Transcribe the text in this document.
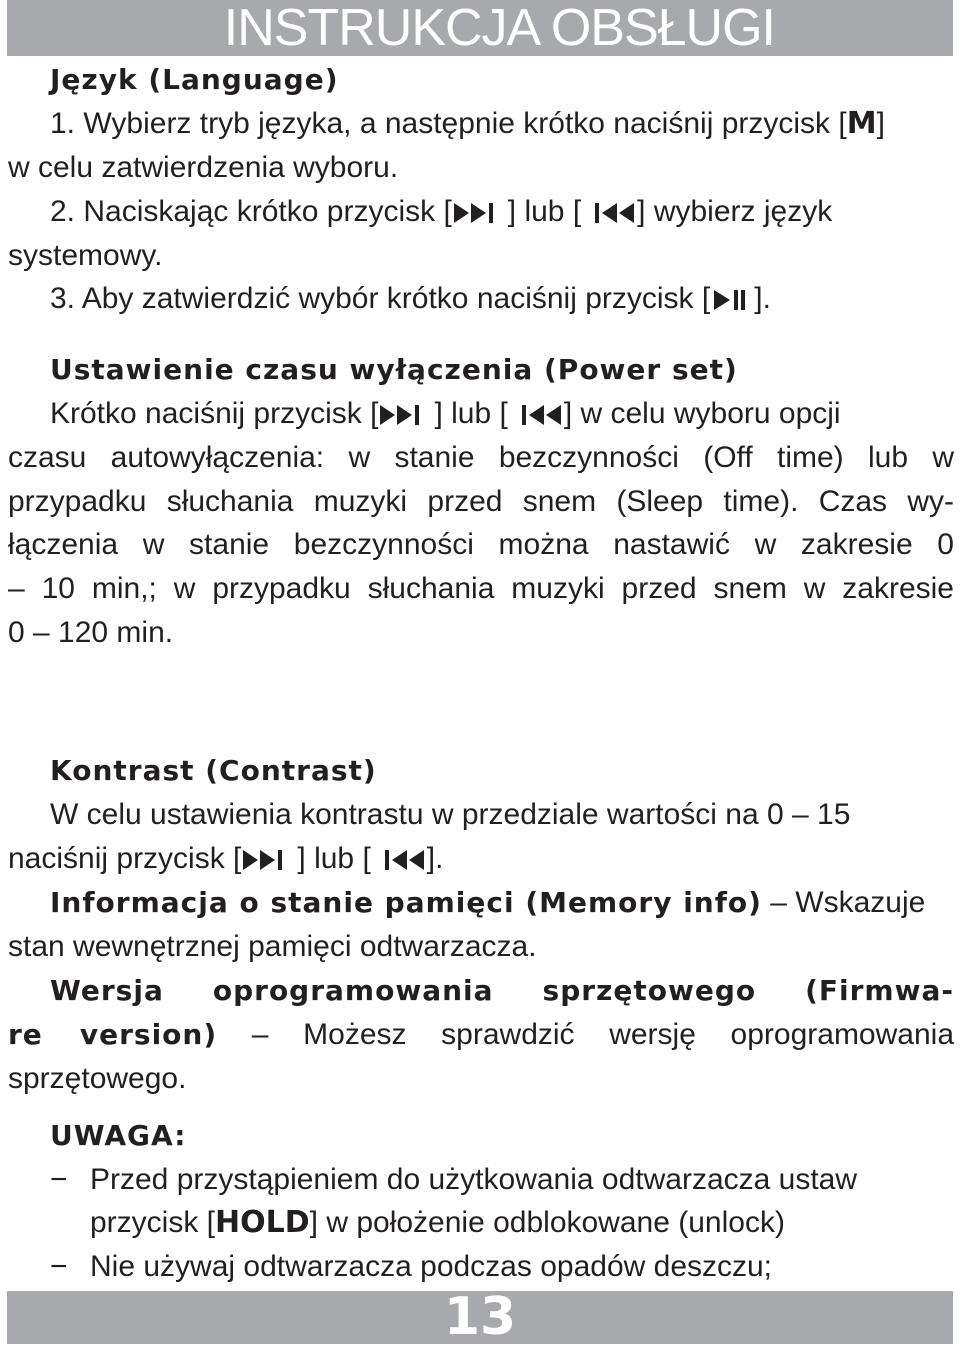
INSTRUKCJA OBSŁUGI
Język (Language)
1. Wybierz tryb języka, a następnie krótko naciśnij przycisk [M]
w celu zatwierdzenia wyboru.
2. Naciskając krótko przycisk [ ] lub [ ] wybierz język
systemowy.
3. Aby zatwierdzić wybór krótko naciśnij przycisk [ ].
Ustawienie czasu wyłączenia (Power set)
Krótko naciśnij przycisk [ ] lub [ ] w celu wyboru opcji
czasu autowyłączenia: w stanie bezczynności (Off time) lub w
przypadku słuchania muzyki przed snem (Sleep time). Czas wy-
łączenia w stanie bezczynności można nastawić w zakresie 0
– 10 min,; w przypadku słuchania muzyki przed snem w zakresie
0 – 120 min.
Kontrast (Contrast)
W celu ustawienia kontrastu w przedziale wartości na 0 – 15
naciśnij przycisk [ ] lub [ ].
Informacja o stanie pamięci (Memory info) – Wskazuje
stan wewnętrznej pamięci odtwarzacza.
Wersja oprogramowania sprzętowego (Firmwa-
re version) – Możesz sprawdzić wersję oprogramowania
sprzętowego.
UWAGA:
− Przed przystąpieniem do użytkowania odtwarzacza ustaw
przycisk [HOLD] w położenie odblokowane (unlock)
− Nie używaj odtwarzacza podczas opadów deszczu;
13
